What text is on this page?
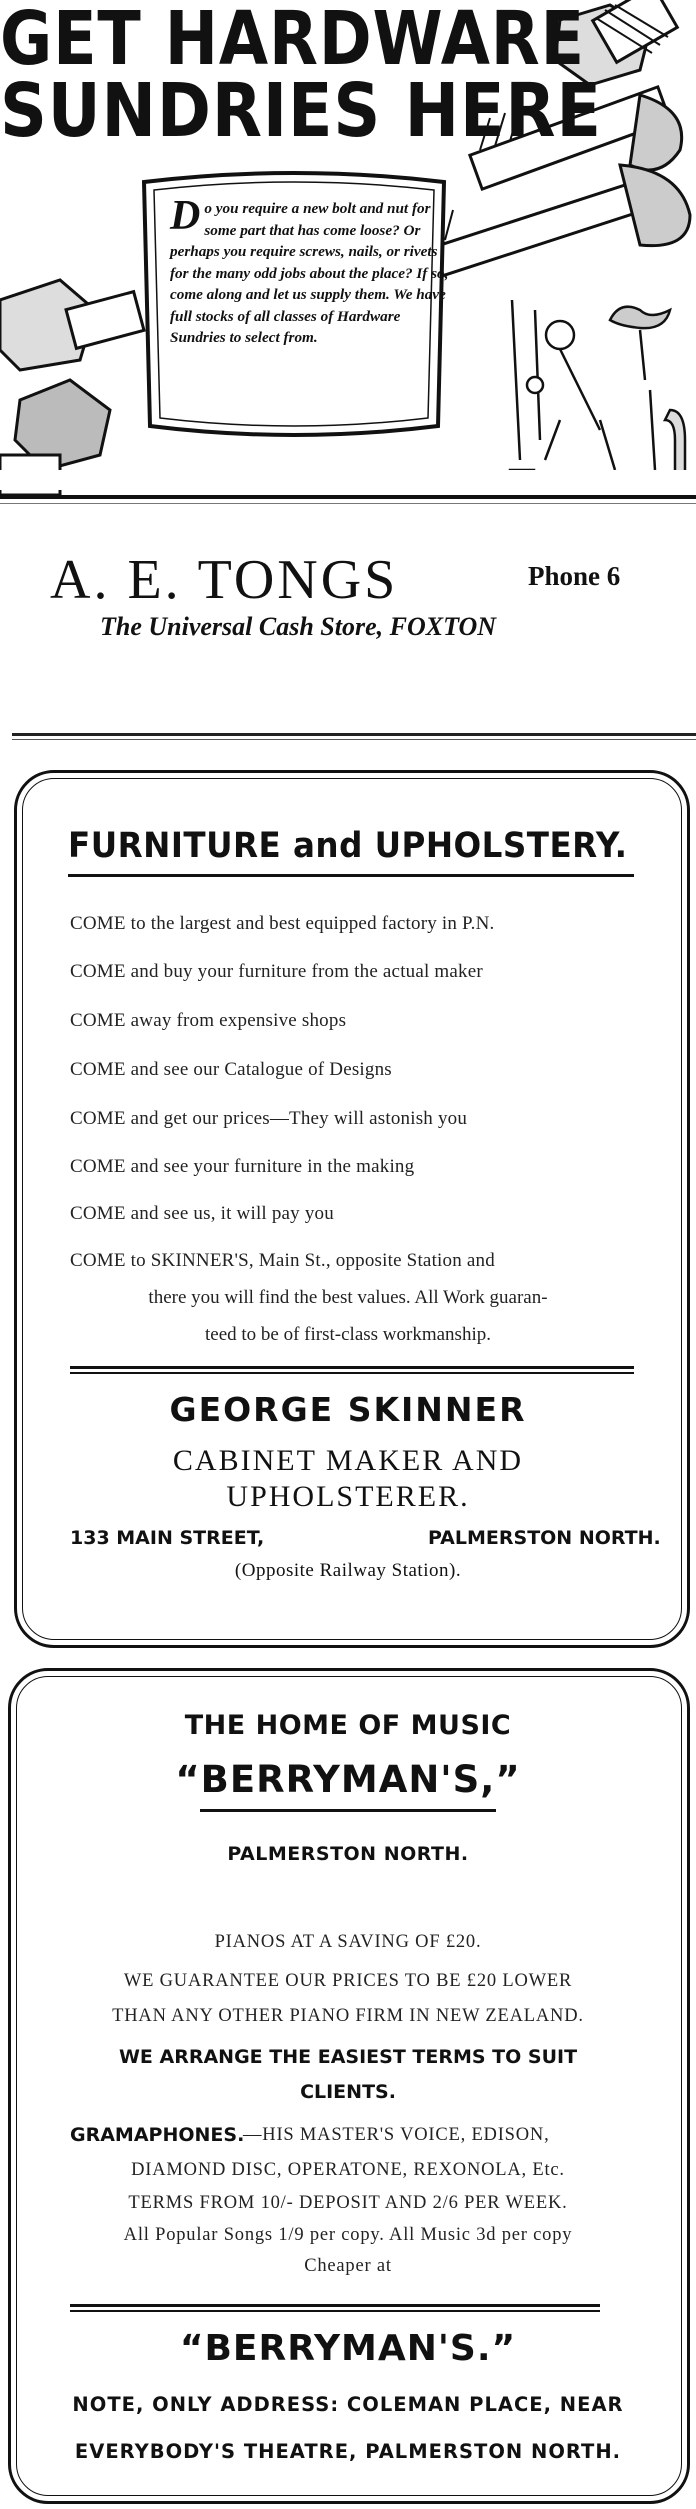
GET HARDWARE
SUNDRIES HERE
Do you require a new bolt and nut for some part that has come loose? Or perhaps you require screws, nails, or rivets for the many odd jobs about the place? If so, come along and let us supply them. We have full stocks of all classes of Hardware Sundries to select from.
A. E. TONGS	Phone 6
The Universal Cash Store, FOXTON
FURNITURE and UPHOLSTERY.
COME to the largest and best equipped factory in P.N.
COME and buy your furniture from the actual maker
COME away from expensive shops
COME and see our Catalogue of Designs
COME and get our prices—They will astonish you
COME and see your furniture in the making
COME and see us, it will pay you
COME to SKINNER'S, Main St., opposite Station and
there you will find the best values. All Work guaran-
teed to be of first-class workmanship.
GEORGE SKINNER
CABINET MAKER AND
UPHOLSTERER.
133 MAIN STREET,	PALMERSTON NORTH.
(Opposite Railway Station).
THE HOME OF MUSIC
“BERRYMAN'S,”
PALMERSTON NORTH.
PIANOS AT A SAVING OF £20.
WE GUARANTEE OUR PRICES TO BE £20 LOWER
THAN ANY OTHER PIANO FIRM IN NEW ZEALAND.
WE ARRANGE THE EASIEST TERMS TO SUIT
CLIENTS.
GRAMAPHONES.
—HIS MASTER'S VOICE, EDISON,
DIAMOND DISC, OPERATONE, REXONOLA, Etc.
TERMS FROM 10/- DEPOSIT AND 2/6 PER WEEK.
All Popular Songs 1/9 per copy. All Music 3d per copy
Cheaper at
“BERRYMAN'S.”
NOTE, ONLY ADDRESS: COLEMAN PLACE, NEAR
EVERYBODY'S THEATRE, PALMERSTON NORTH.
